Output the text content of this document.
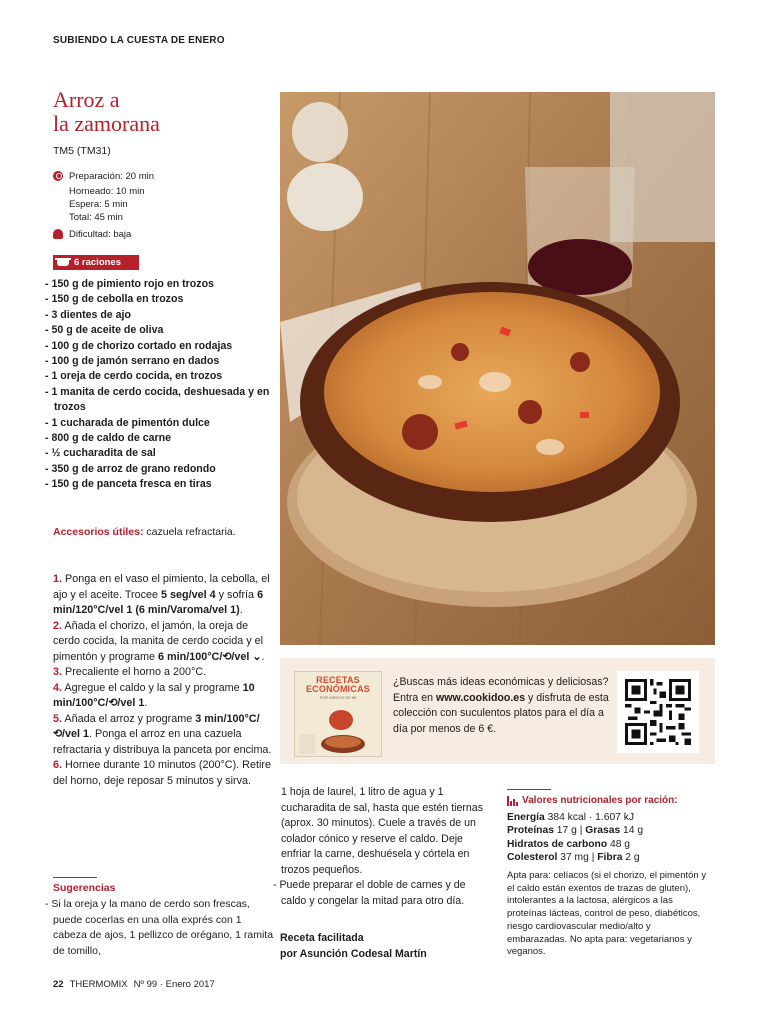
SUBIENDO LA CUESTA DE ENERO
Arroz a
la zamorana
TM5 (TM31)
Preparación: 20 min
Horneado: 10 min
Espera: 5 min
Total: 45 min
Dificultad: baja
6 raciones
- 150 g de pimiento rojo en trozos
- 150 g de cebolla en trozos
- 3 dientes de ajo
- 50 g de aceite de oliva
- 100 g de chorizo cortado en rodajas
- 100 g de jamón serrano en dados
- 1 oreja de cerdo cocida, en trozos
- 1 manita de cerdo cocida, deshuesada y en trozos
- 1 cucharada de pimentón dulce
- 800 g de caldo de carne
- ½ cucharadita de sal
- 350 g de arroz de grano redondo
- 150 g de panceta fresca en tiras
Accesorios útiles: cazuela refractaria.

1. Ponga en el vaso el pimiento, la cebolla, el ajo y el aceite. Trocee 5 seg/vel 4 y sofría 6 min/120°C/vel 1 (6 min/Varoma/vel 1).

2. Añada el chorizo, el jamón, la oreja de cerdo cocida, la manita de cerdo cocida y el pimentón y programe 6 min/100°C/⟲/vel ⌄.

3. Precaliente el horno a 200°C.

4. Agregue el caldo y la sal y programe 10 min/100°C/⟲/vel 1.

5. Añada el arroz y programe 3 min/100°C/⟲/vel 1. Ponga el arroz en una cazuela refractaria y distribuya la panceta por encima.

6. Hornee durante 10 minutos (200°C). Retire del horno, deje reposar 5 minutos y sirva.

Sugerencias
- Si la oreja y la mano de cerdo son frescas, puede cocerlas en una olla exprés con 1 cabeza de ajos, 1 pellizco de orégano, 1 ramita de tomillo,
RECETAS
ECONÓMICAS
POR MENOS DE 6€
¿Buscas más ideas económicas y deliciosas? Entra en www.cookidoo.es y disfruta de esta colección con suculentos platos para el día a día por menos de 6 €.

1 hoja de laurel, 1 litro de agua y 1 cucharadita de sal, hasta que estén tiernas (aprox. 30 minutos). Cuele a través de un colador cónico y reserve el caldo. Deje enfriar la carne, deshuésela y córtela en trozos pequeños.

- Puede preparar el doble de carnes y de caldo y congelar la mitad para otro día.

Receta facilitada
por Asunción Codesal Martín
Valores nutricionales por ración:
Energía 384 kcal · 1.607 kJ
Proteínas 17 g | Grasas 14 g
Hidratos de carbono 48 g
Colesterol 37 mg | Fibra 2 g
Apta para: celíacos (si el chorizo, el pimentón y el caldo están exentos de trazas de gluten), intolerantes a la lactosa, alérgicos a las proteínas lácteas, control de peso, diabéticos, riesgo cardiovascular medio/alto y embarazadas. No apta para: vegetarianos y veganos.
22 THERMOMIX Nº 99 · Enero 2017
